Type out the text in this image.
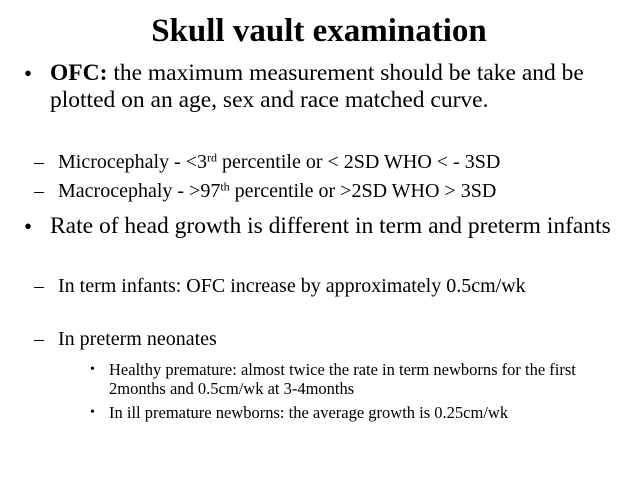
Skull vault examination
• OFC: the maximum measurement should be take and be plotted on an age, sex and race matched curve.
– Microcephaly - <3rd percentile or < 2SD WHO < - 3SD
– Macrocephaly - >97th percentile or >2SD WHO > 3SD
• Rate of head growth is different in term and preterm infants
– In term infants: OFC increase by approximately 0.5cm/wk
– In preterm neonates
• Healthy premature: almost twice the rate in term newborns for the first 2months and 0.5cm/wk at 3-4months
• In ill premature newborns: the average growth is 0.25cm/wk
